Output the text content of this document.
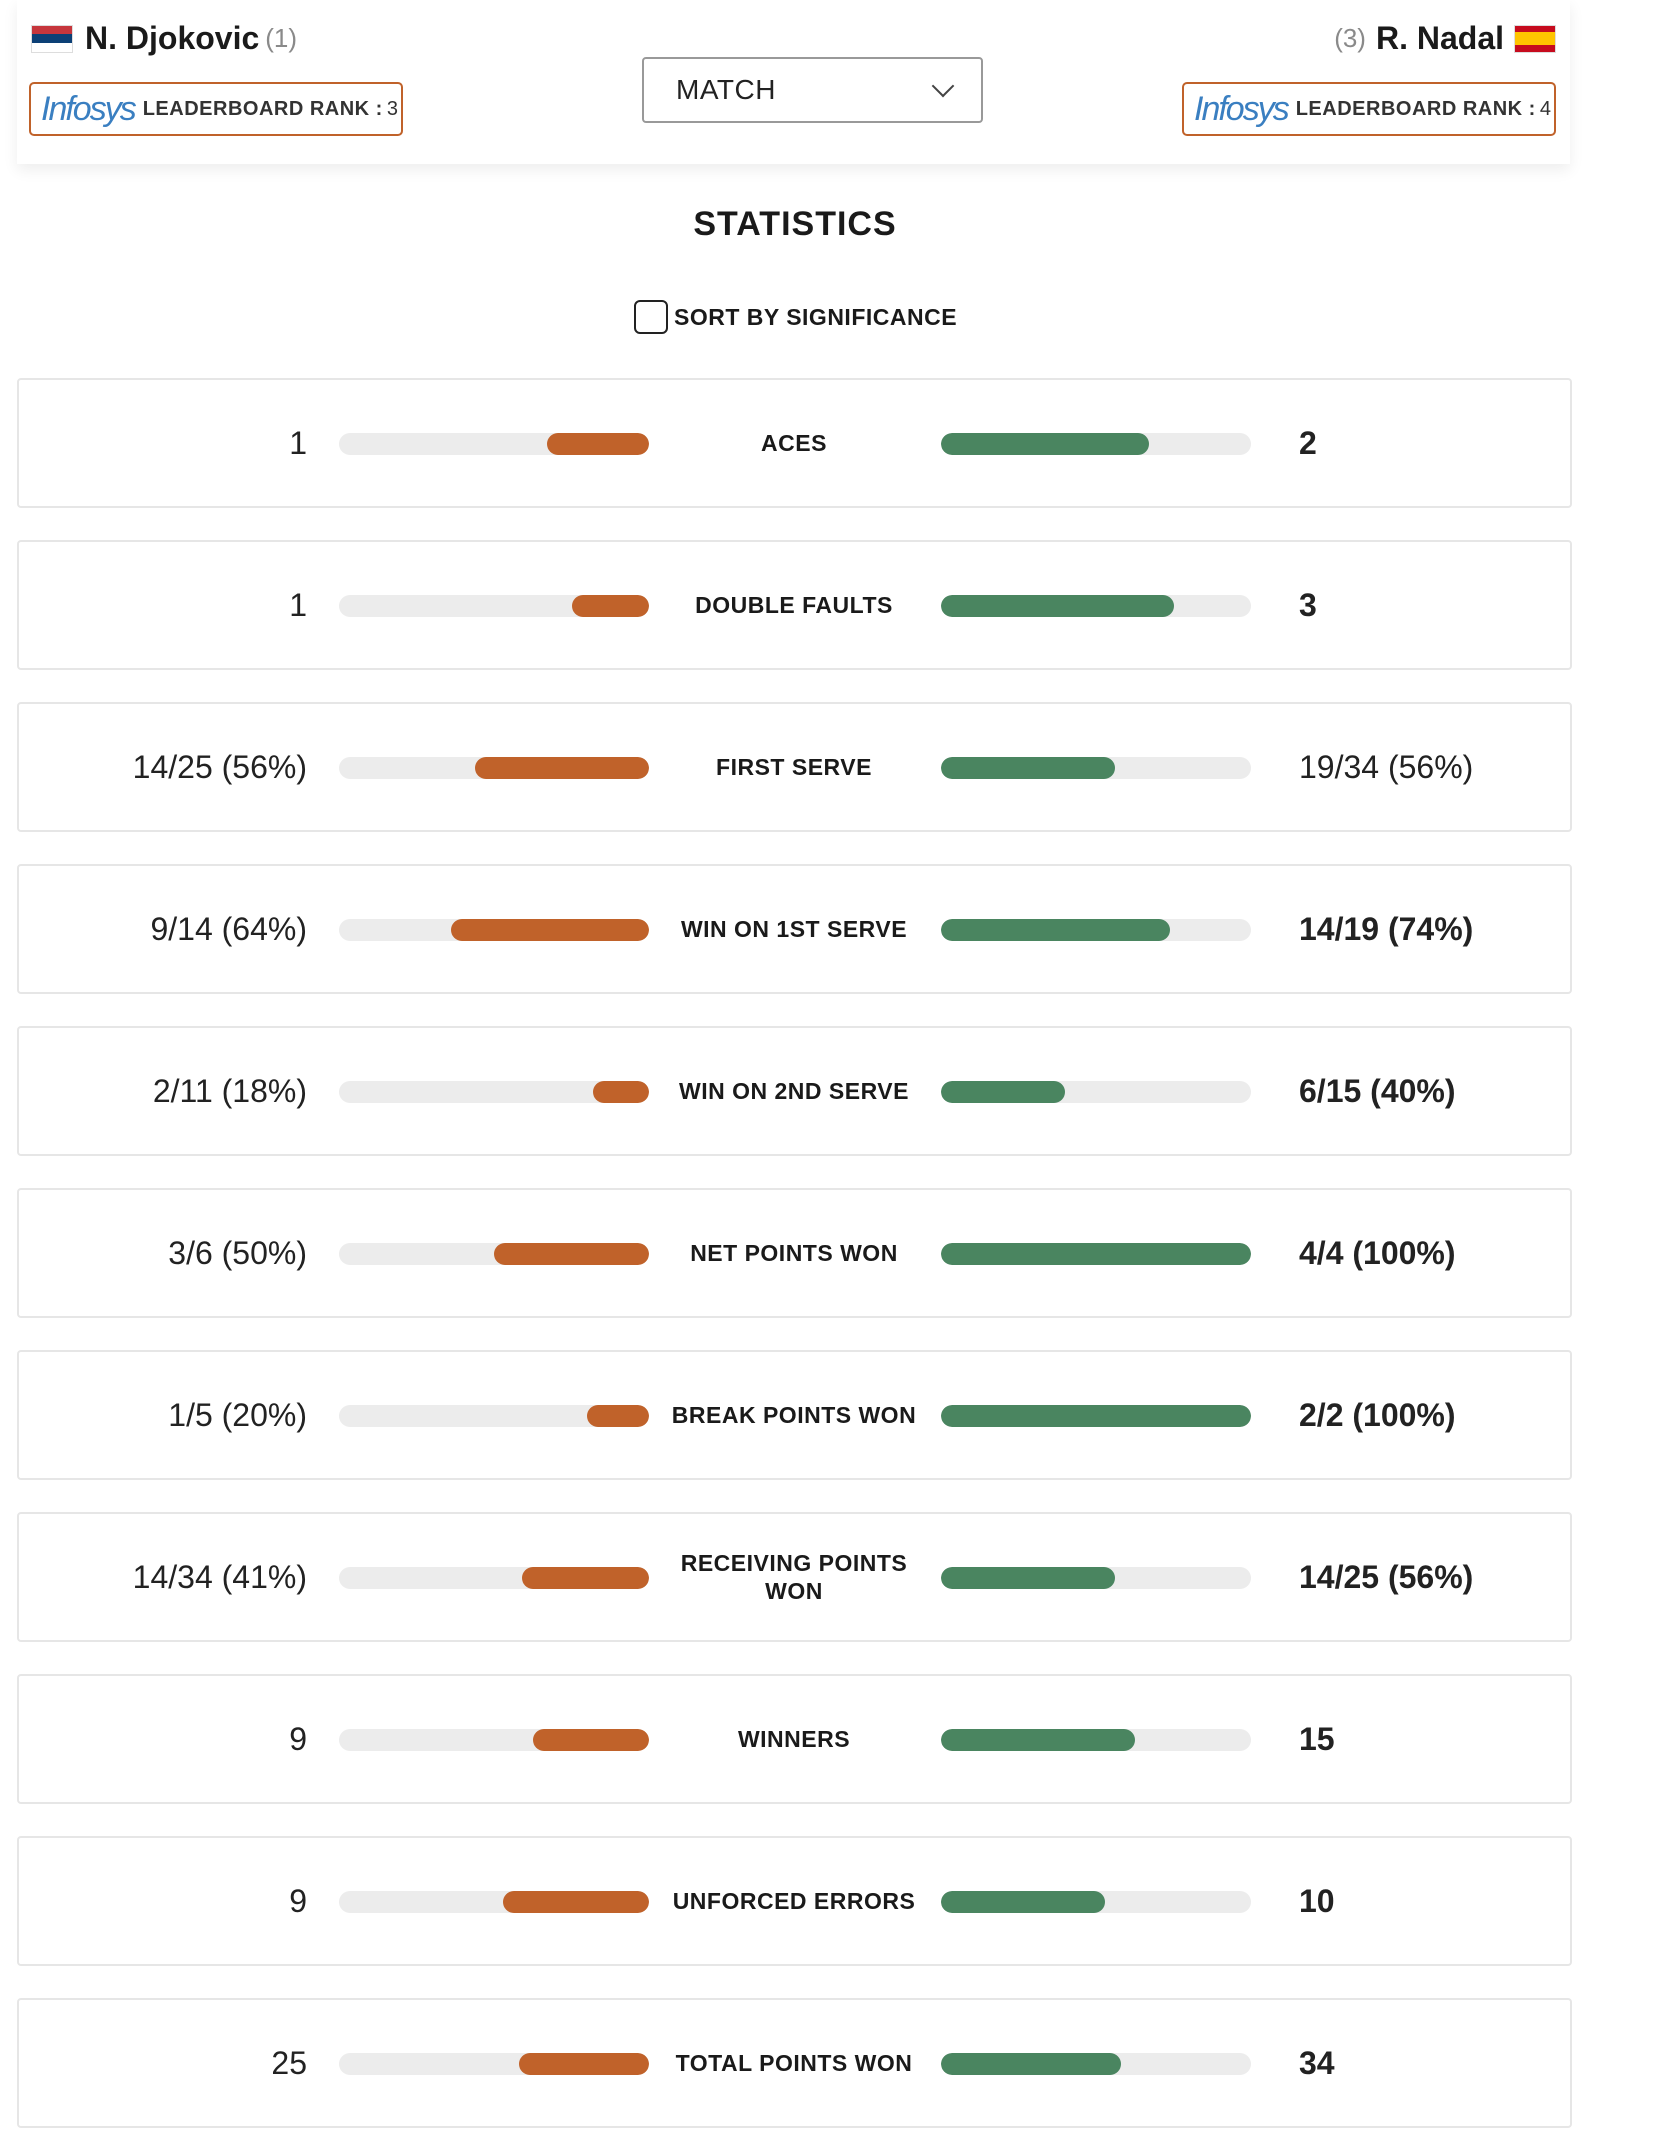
N. Djokovic (1)	(3) R. Nadal
Infosys LEADERBOARD RANK : 3
MATCH	Infosys LEADERBOARD RANK : 4
STATISTICS
SORT BY SIGNIFICANCE
1	ACES	2
1	DOUBLE FAULTS	3
14/25 (56%)	FIRST SERVE	19/34 (56%)
9/14 (64%)	WIN ON 1ST SERVE	14/19 (74%)
2/11 (18%)	WIN ON 2ND SERVE	6/15 (40%)
3/6 (50%)	NET POINTS WON	4/4 (100%)
1/5 (20%)	BREAK POINTS WON	2/2 (100%)
14/34 (41%)	RECEIVING POINTS WON	14/25 (56%)
9	WINNERS	15
9	UNFORCED ERRORS	10
25	TOTAL POINTS WON	34
